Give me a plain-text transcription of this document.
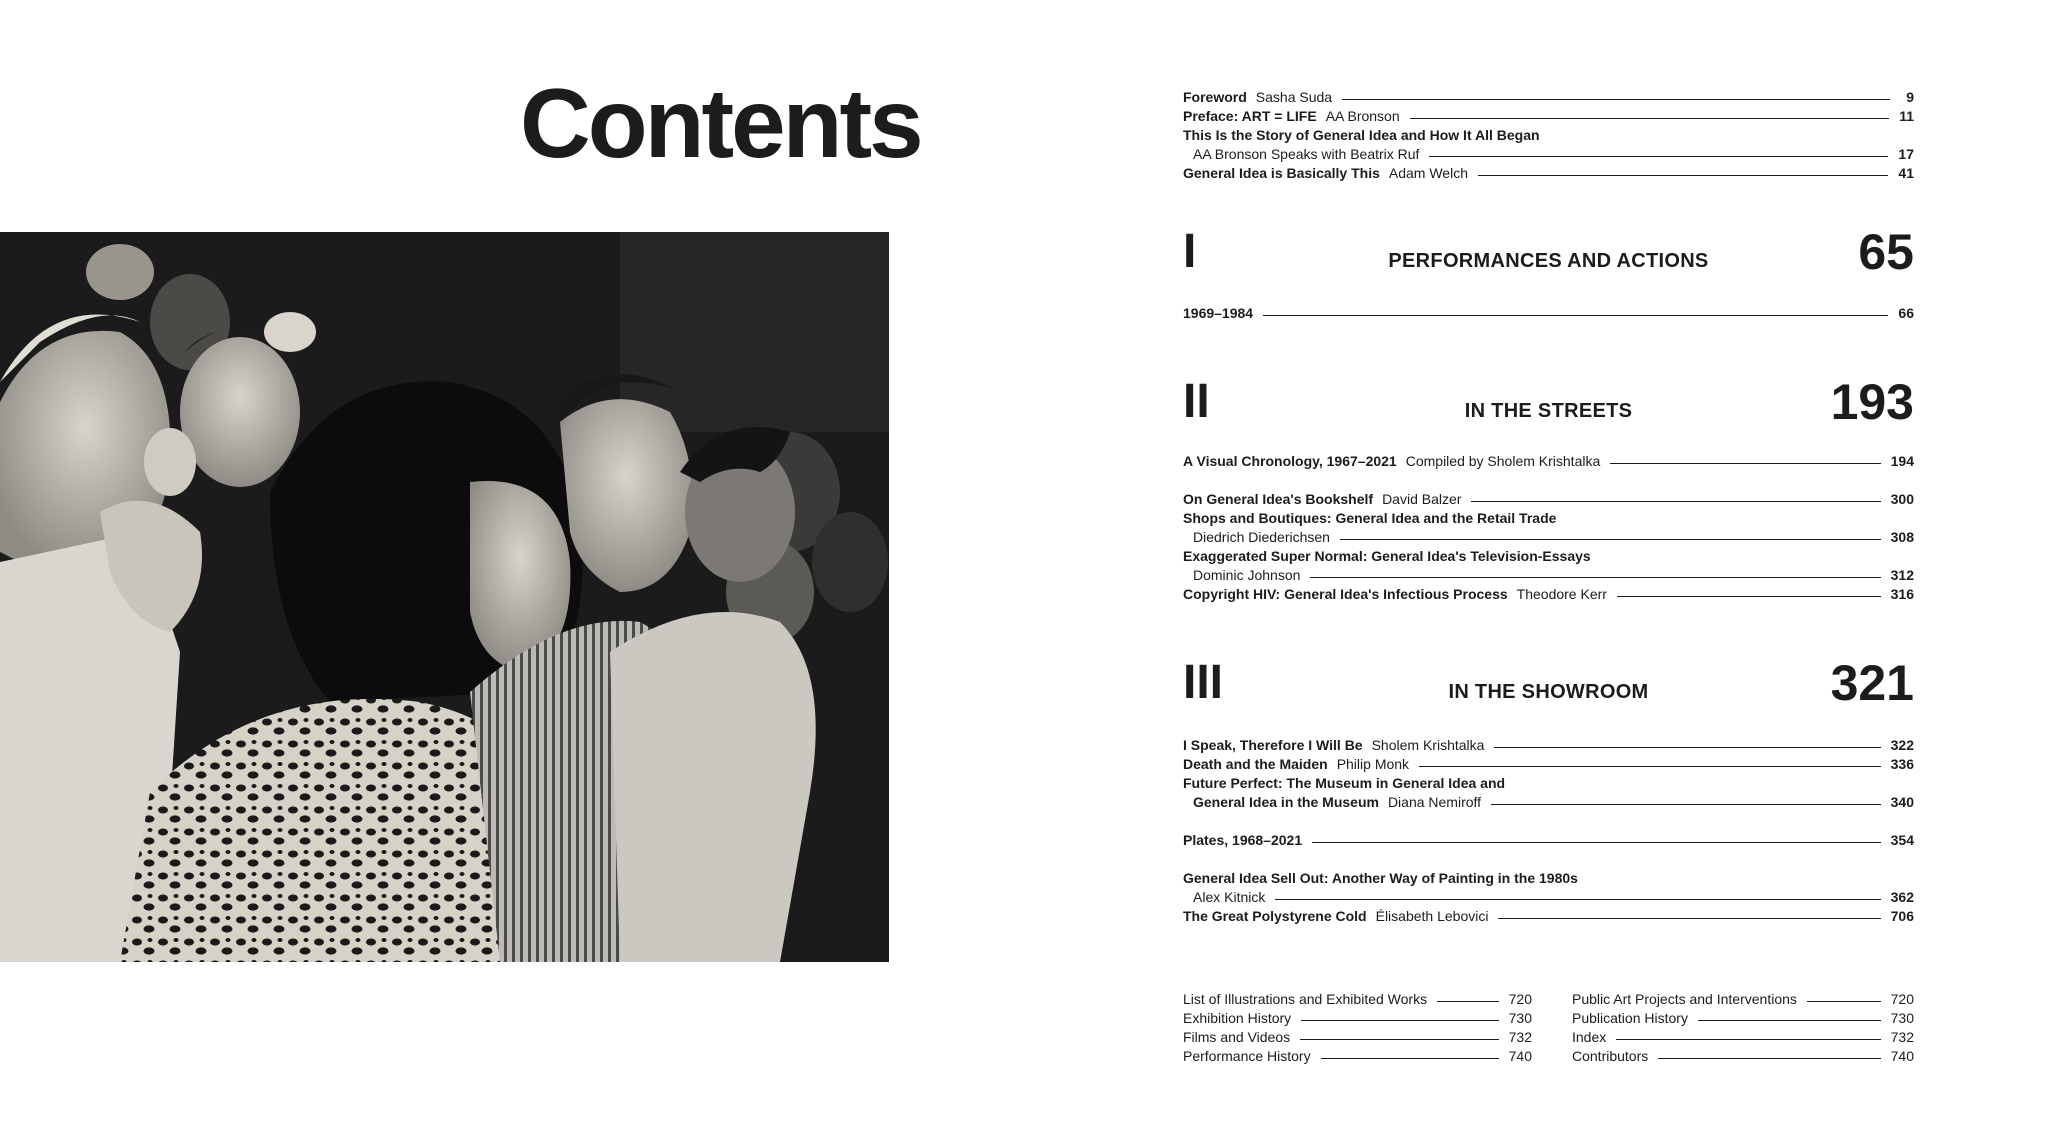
Contents	Foreword Sasha Suda	9
Preface: ART = LIFE AA Bronson	11
This Is the Story of General Idea and How It All Began
AA Bronson Speaks with Beatrix Ruf	17
General Idea is Basically This Adam Welch	41
I	PERFORMANCES AND ACTIONS	65
1969–1984	66
II	IN THE STREETS	193
A Visual Chronology, 1967–2021 Compiled by Sholem Krishtalka	194
On General Idea's Bookshelf David Balzer	300
Shops and Boutiques: General Idea and the Retail Trade
Diedrich Diederichsen	308
Exaggerated Super Normal: General Idea's Television-Essays
Dominic Johnson	312
Copyright HIV: General Idea's Infectious Process Theodore Kerr	316
III	IN THE SHOWROOM	321
I Speak, Therefore I Will Be Sholem Krishtalka	322
Death and the Maiden Philip Monk	336
Future Perfect: The Museum in General Idea and
General Idea in the Museum Diana Nemiroff	340
Plates, 1968–2021	354
General Idea Sell Out: Another Way of Painting in the 1980s
Alex Kitnick	362
The Great Polystyrene Cold Élisabeth Lebovici	706
List of Illustrations and Exhibited Works	720
Exhibition History	730
Films and Videos	732
Performance History	740
Public Art Projects and Interventions	720
Publication History	730
Index	732
Contributors	740
